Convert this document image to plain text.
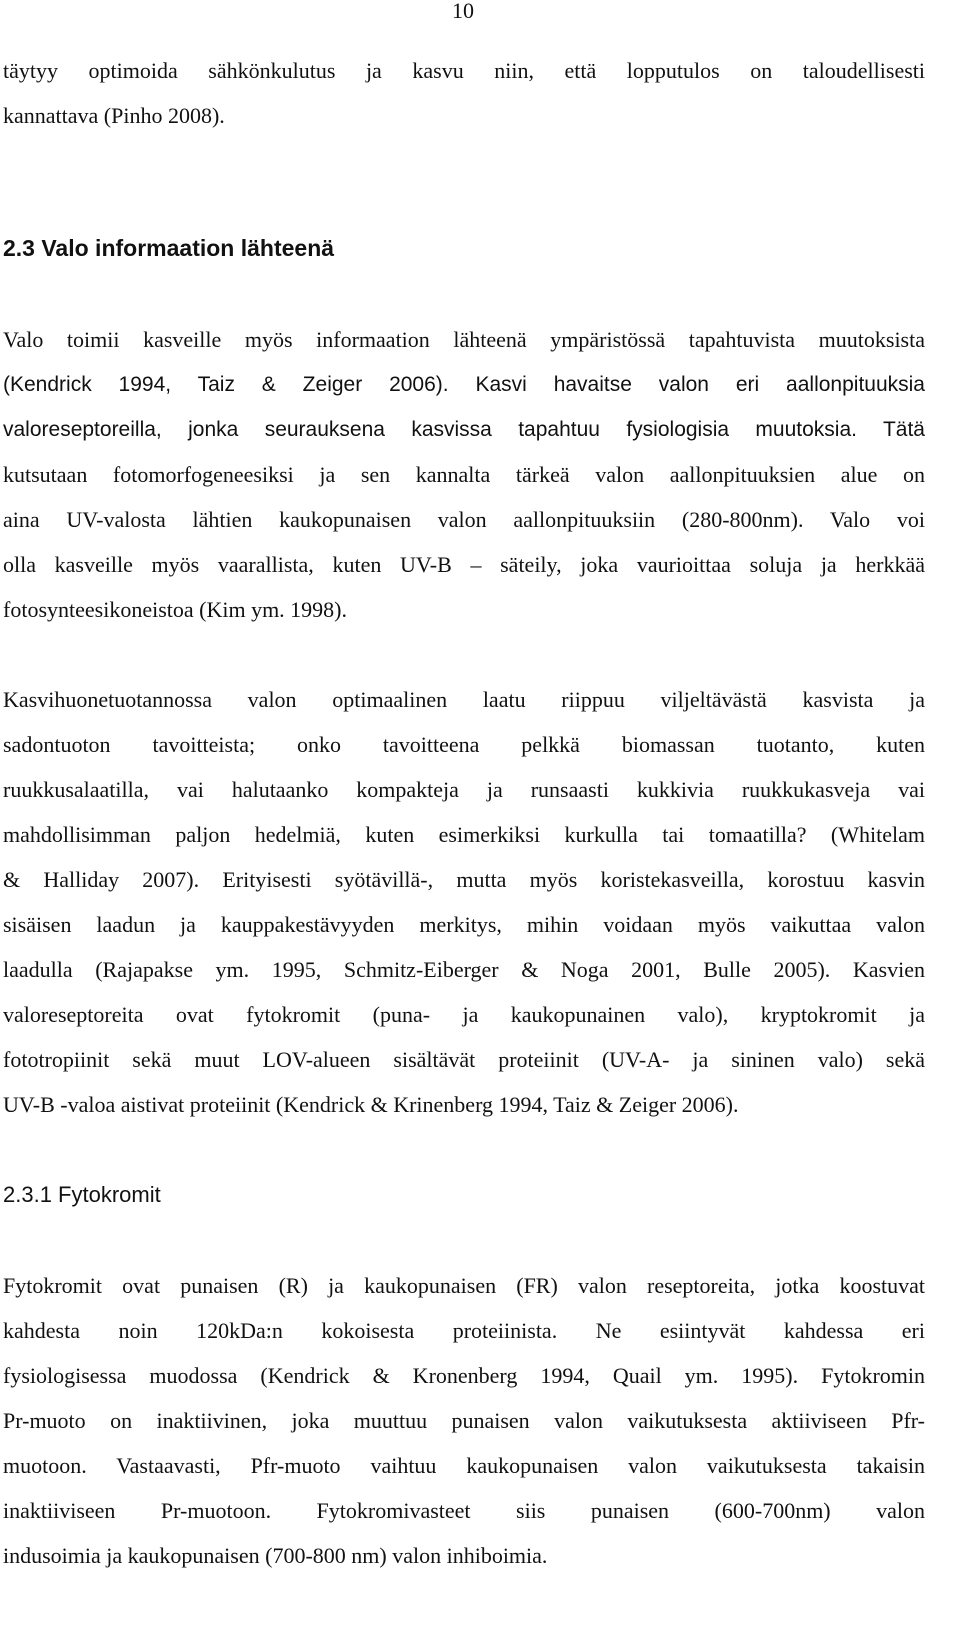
10
täytyy optimoida sähkönkulutus ja kasvu niin, että lopputulos on taloudellisesti
kannattava (Pinho 2008).
2.3 Valo informaation lähteenä
Valo toimii kasveille myös informaation lähteenä ympäristössä tapahtuvista muutoksista
(Kendrick 1994, Taiz & Zeiger 2006). Kasvi havaitse valon eri aallonpituuksia
valoreseptoreilla, jonka seurauksena kasvissa tapahtuu fysiologisia muutoksia. Tätä
kutsutaan fotomorfogeneesiksi ja sen kannalta tärkeä valon aallonpituuksien alue on
aina UV-valosta lähtien kaukopunaisen valon aallonpituuksiin (280-800nm). Valo voi
olla kasveille myös vaarallista, kuten UV-B – säteily, joka vaurioittaa soluja ja herkkää
fotosynteesikoneistoa (Kim ym. 1998).
Kasvihuonetuotannossa valon optimaalinen laatu riippuu viljeltävästä kasvista ja
sadontuoton tavoitteista; onko tavoitteena pelkkä biomassan tuotanto, kuten
ruukkusalaatilla, vai halutaanko kompakteja ja runsaasti kukkivia ruukkukasveja vai
mahdollisimman paljon hedelmiä, kuten esimerkiksi kurkulla tai tomaatilla? (Whitelam
& Halliday 2007). Erityisesti syötävillä-, mutta myös koristekasveilla, korostuu kasvin
sisäisen laadun ja kauppakestävyyden merkitys, mihin voidaan myös vaikuttaa valon
laadulla (Rajapakse ym. 1995, Schmitz-Eiberger & Noga 2001, Bulle 2005). Kasvien
valoreseptoreita ovat fytokromit (puna- ja kaukopunainen valo), kryptokromit ja
fototropiinit sekä muut LOV-alueen sisältävät proteiinit (UV-A- ja sininen valo) sekä
UV-B -valoa aistivat proteiinit (Kendrick & Krinenberg 1994, Taiz & Zeiger 2006).
2.3.1 Fytokromit
Fytokromit ovat punaisen (R) ja kaukopunaisen (FR) valon reseptoreita, jotka koostuvat
kahdesta noin 120kDa:n kokoisesta proteiinista. Ne esiintyvät kahdessa eri
fysiologisessa muodossa (Kendrick & Kronenberg 1994, Quail ym. 1995). Fytokromin
Pr-muoto on inaktiivinen, joka muuttuu punaisen valon vaikutuksesta aktiiviseen Pfr-
muotoon. Vastaavasti, Pfr-muoto vaihtuu kaukopunaisen valon vaikutuksesta takaisin
inaktiiviseen Pr-muotoon. Fytokromivasteet siis punaisen (600-700nm) valon
indusoimia ja kaukopunaisen (700-800 nm) valon inhiboimia.
